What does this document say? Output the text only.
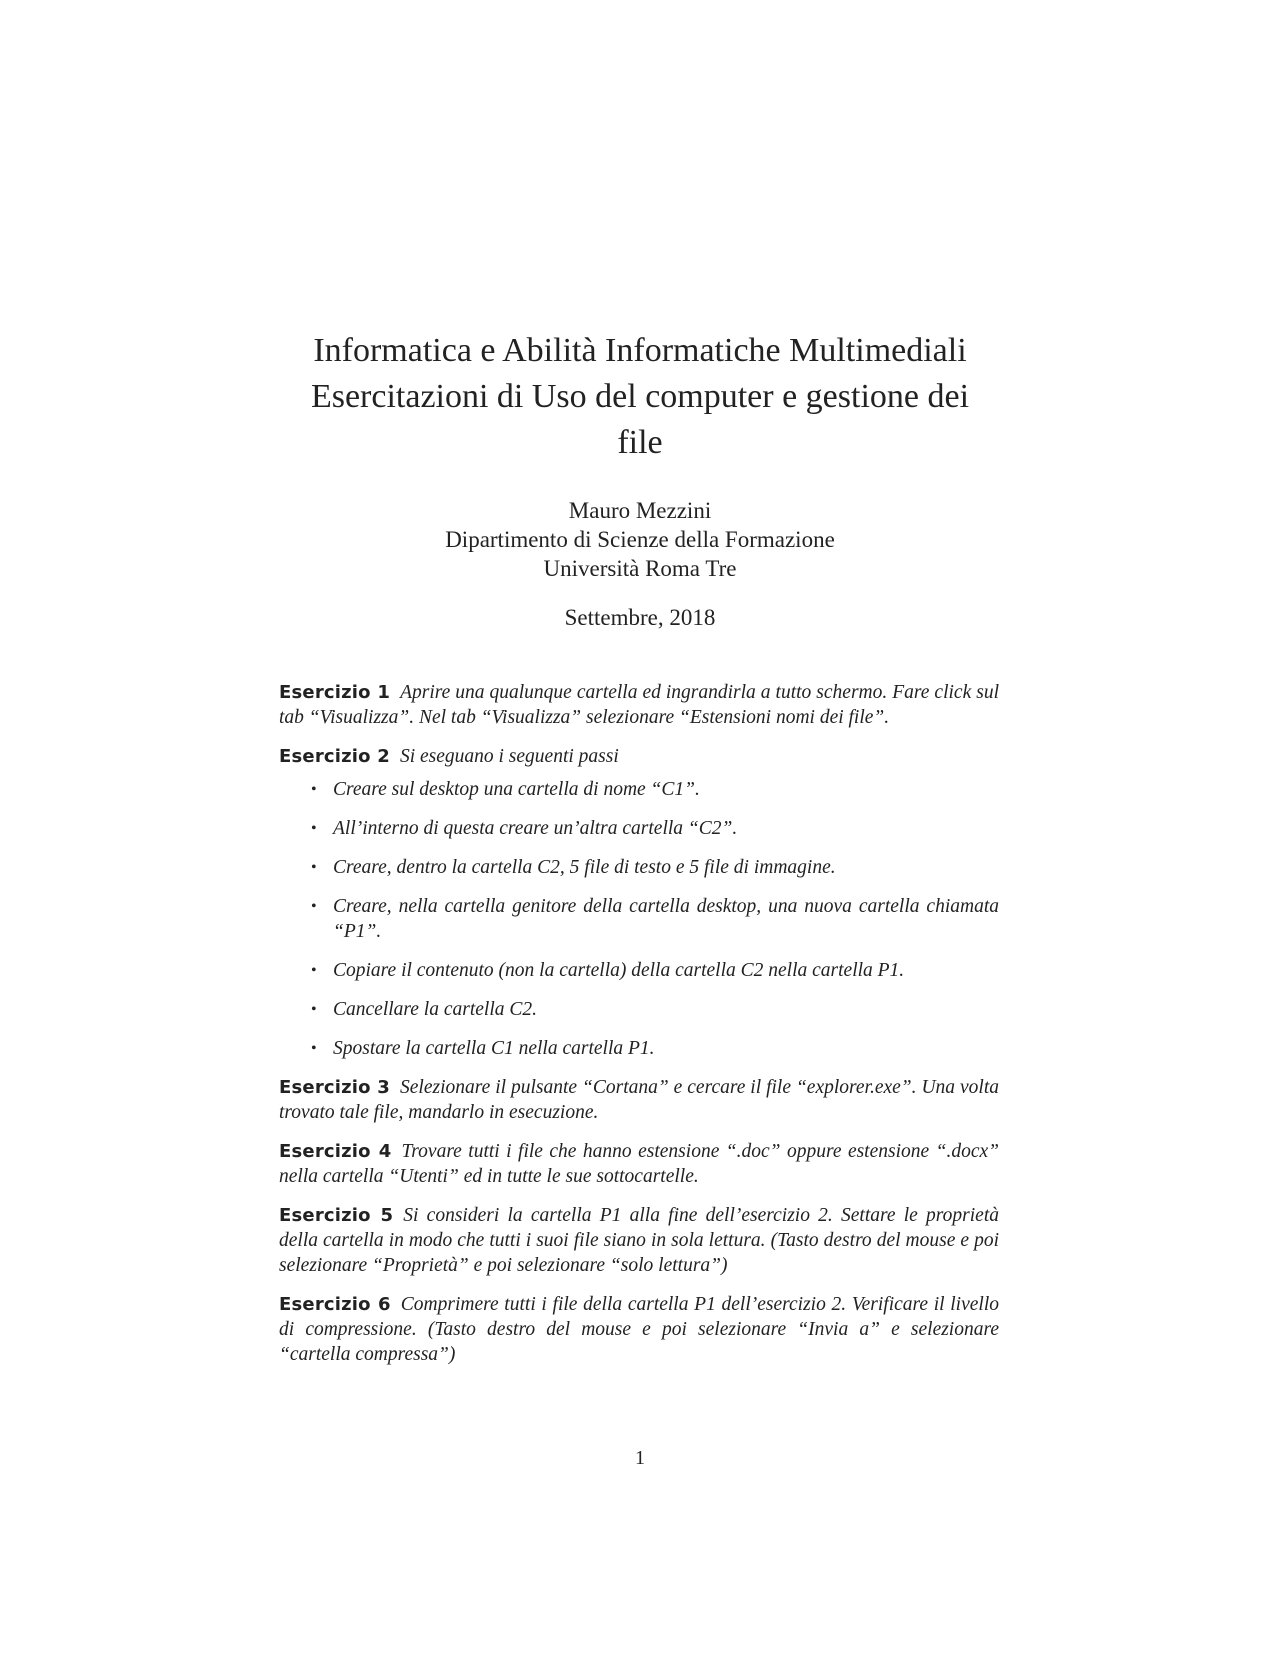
Informatica e Abilità Informatiche Multimediali
Esercitazioni di Uso del computer e gestione dei
file
Mauro Mezzini
Dipartimento di Scienze della Formazione
Università Roma Tre
Settembre, 2018

Esercizio 1 Aprire una qualunque cartella ed ingrandirla a tutto schermo. Fare click sul tab “Visualizza”. Nel tab “Visualizza” selezionare “Estensioni nomi dei file”.

Esercizio 2 Si eseguano i seguenti passi

• Creare sul desktop una cartella di nome “C1”.
• All’interno di questa creare un’altra cartella “C2”.
• Creare, dentro la cartella C2, 5 file di testo e 5 file di immagine.
• Creare, nella cartella genitore della cartella desktop, una nuova cartella chiamata “P1”.
• Copiare il contenuto (non la cartella) della cartella C2 nella cartella P1.
• Cancellare la cartella C2.
• Spostare la cartella C1 nella cartella P1.

Esercizio 3 Selezionare il pulsante “Cortana” e cercare il file “explorer.exe”. Una volta trovato tale file, mandarlo in esecuzione.

Esercizio 4 Trovare tutti i file che hanno estensione “.doc” oppure estensione “.docx” nella cartella “Utenti” ed in tutte le sue sottocartelle.

Esercizio 5 Si consideri la cartella P1 alla fine dell’esercizio 2. Settare le proprietà della cartella in modo che tutti i suoi file siano in sola lettura. (Tasto destro del mouse e poi selezionare “Proprietà” e poi selezionare “solo lettura”)

Esercizio 6 Comprimere tutti i file della cartella P1 dell’esercizio 2. Verificare il livello di compressione. (Tasto destro del mouse e poi selezionare “Invia a” e selezionare “cartella compressa”)

1
